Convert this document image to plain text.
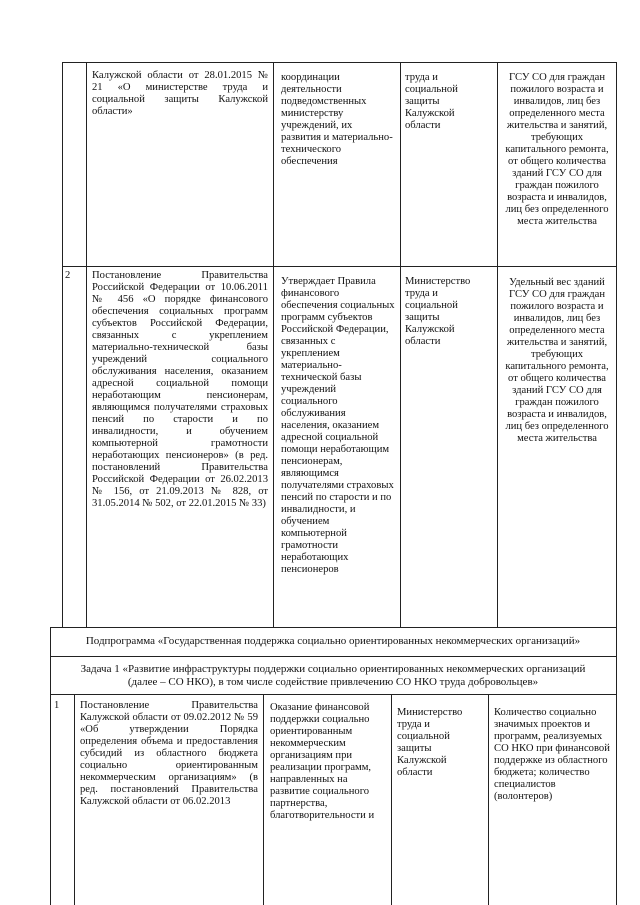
Калужской области от 28.01.2015 № 21 «О министерстве труда и социальной защиты Калужской области»
координации деятельности подведомственных министерству учреждений, их развития и материально-технического обеспечения
труда и социальной защиты Калужской области
ГСУ СО для граждан пожилого возраста и инвалидов, лиц без определенного места жительства и занятий, требующих капитального ремонта, от общего количества зданий ГСУ СО для граждан пожилого возраста и инвалидов, лиц без определенного места жительства
2	Постановление Правительства Российской Федерации от 10.06.2011 № 456 «О порядке финансового обеспечения социальных программ субъектов Российской Федерации, связанных с укреплением материально-технической базы учреждений социального обслуживания населения, оказанием адресной социальной помощи неработающим пенсионерам, являющимся получателями страховых пенсий по старости и по инвалидности, и обучением компьютерной грамотности неработающих пенсионеров» (в ред. постановлений Правительства Российской Федерации от 26.02.2013 № 156, от 21.09.2013 № 828, от 31.05.2014 № 502, от 22.01.2015 № 33)
Утверждает Правила финансового обеспечения социальных программ субъектов Российской Федерации, связанных с укреплением материально-технической базы учреждений социального обслуживания населения, оказанием адресной социальной помощи неработающим пенсионерам, являющимся получателями страховых пенсий по старости и по инвалидности, и обучением компьютерной грамотности неработающих пенсионеров
Министерство труда и социальной защиты Калужской области
Удельный вес зданий ГСУ СО для граждан пожилого возраста и инвалидов, лиц без определенного места жительства и занятий, требующих капитального ремонта, от общего количества зданий ГСУ СО для граждан пожилого возраста и инвалидов, лиц без определенного места жительства
Подпрограмма «Государственная поддержка социально ориентированных некоммерческих организаций»
Задача 1 «Развитие инфраструктуры поддержки социально ориентированных некоммерческих организаций
(далее – СО НКО), в том числе содействие привлечению СО НКО труда добровольцев»
1	Постановление Правительства Калужской области от 09.02.2012 № 59 «Об утверждении Порядка определения объема и предоставления субсидий из областного бюджета социально ориентированным некоммерческим организациям» (в ред. постановлений Правительства Калужской области от 06.02.2013
Оказание финансовой поддержки социально ориентированным некоммерческим организациям при реализации программ, направленных на развитие социального партнерства, благотворительности и
Министерство труда и социальной защиты Калужской области
Количество социально значимых проектов и программ, реализуемых СО НКО при финансовой поддержке из областного бюджета; количество специалистов (волонтеров)
